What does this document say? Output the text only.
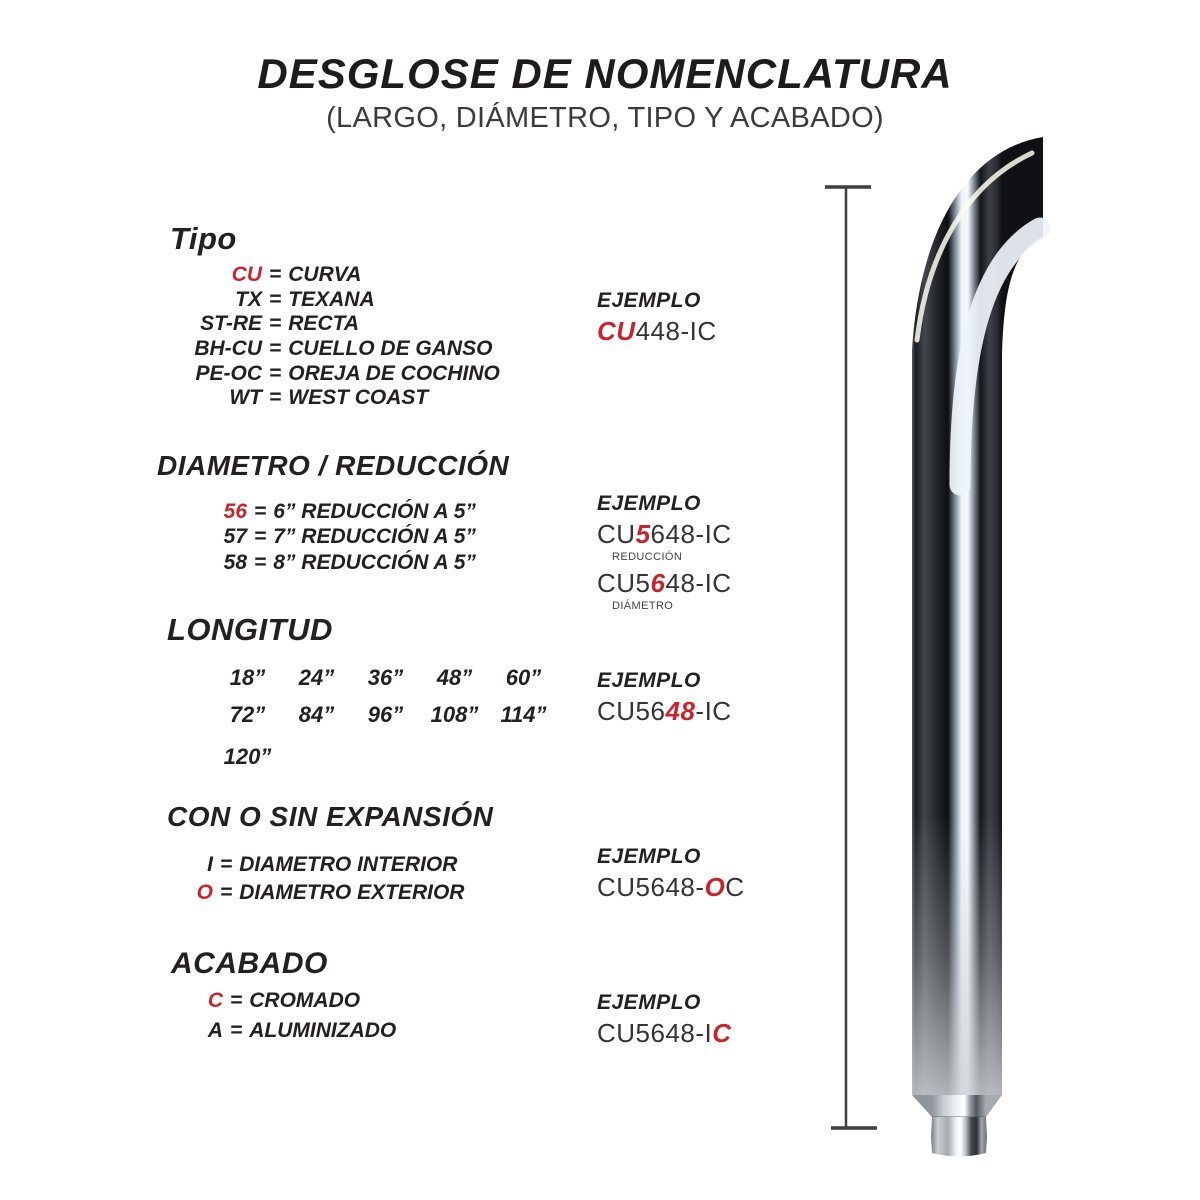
DESGLOSE DE NOMENCLATURA
(LARGO, DIÁMETRO, TIPO Y ACABADO)
Tipo
CU = CURVA
TX = TEXANA
ST-RE = RECTA
BH-CU = CUELLO DE GANSO
PE-OC = OREJA DE COCHINO
WT = WEST COAST
DIAMETRO / REDUCCIÓN
56 = 6” REDUCCIÓN A 5”
57 = 7” REDUCCIÓN A 5”
58 = 8” REDUCCIÓN A 5”
LONGITUD
18”	24”	36”	48”	60”
72”	84”	96”	108”	114”
120”
CON O SIN EXPANSIÓN
I = DIAMETRO INTERIOR
O = DIAMETRO EXTERIOR
ACABADO
C = CROMADO
A = ALUMINIZADO
EJEMPLO
CU448-IC
EJEMPLO
CU5648-IC
REDUCCIÓN
CU5648-IC
DIÁMETRO
EJEMPLO
CU5648-IC
EJEMPLO
CU5648-OC
EJEMPLO
CU5648-IC
